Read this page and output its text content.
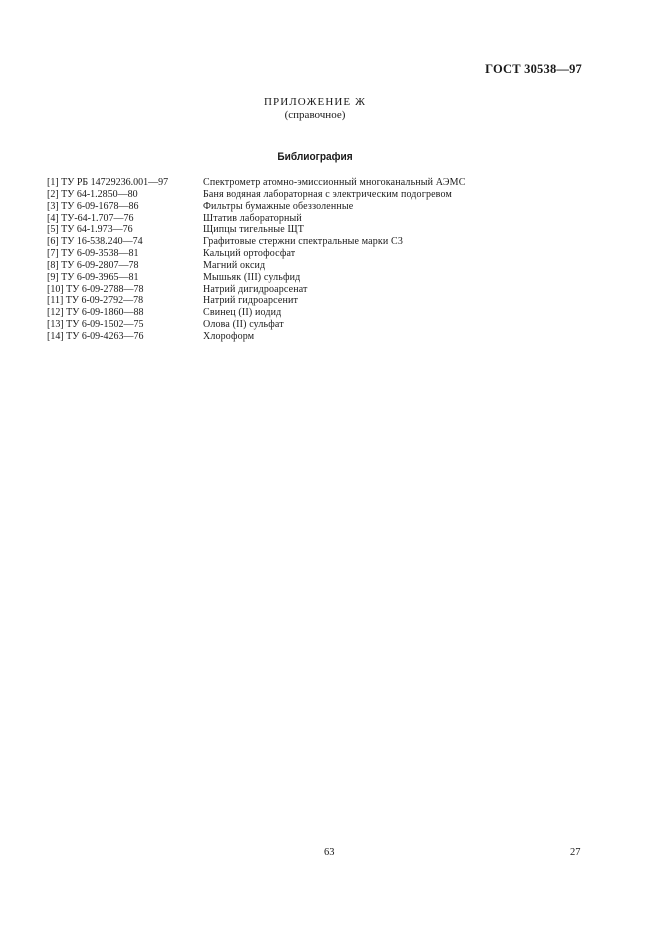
ГОСТ 30538—97
ПРИЛОЖЕНИЕ Ж
(справочное)
Библиография
[1] ТУ РБ 14729236.001—97	Спектрометр атомно-эмиссионный многоканальный АЭМС
[2] ТУ 64-1.2850—80	Баня водяная лабораторная с электрическим подогревом
[3] ТУ 6-09-1678—86	Фильтры бумажные обеззоленные
[4] ТУ-64-1.707—76	Штатив лабораторный
[5] ТУ 64-1.973—76	Щипцы тигельные ЩТ
[6] ТУ 16-538.240—74	Графитовые стержни спектральные марки С3
[7] ТУ 6-09-3538—81	Кальций ортофосфат
[8] ТУ 6-09-2807—78	Магний оксид
[9] ТУ 6-09-3965—81	Мышьяк (III) сульфид
[10] ТУ 6-09-2788—78	Натрий дигидроарсенат
[11] ТУ 6-09-2792—78	Натрий гидроарсенит
[12] ТУ 6-09-1860—88	Свинец (II) иодид
[13] ТУ 6-09-1502—75	Олова (II) сульфат
[14] ТУ 6-09-4263—76	Хлороформ
63	27
